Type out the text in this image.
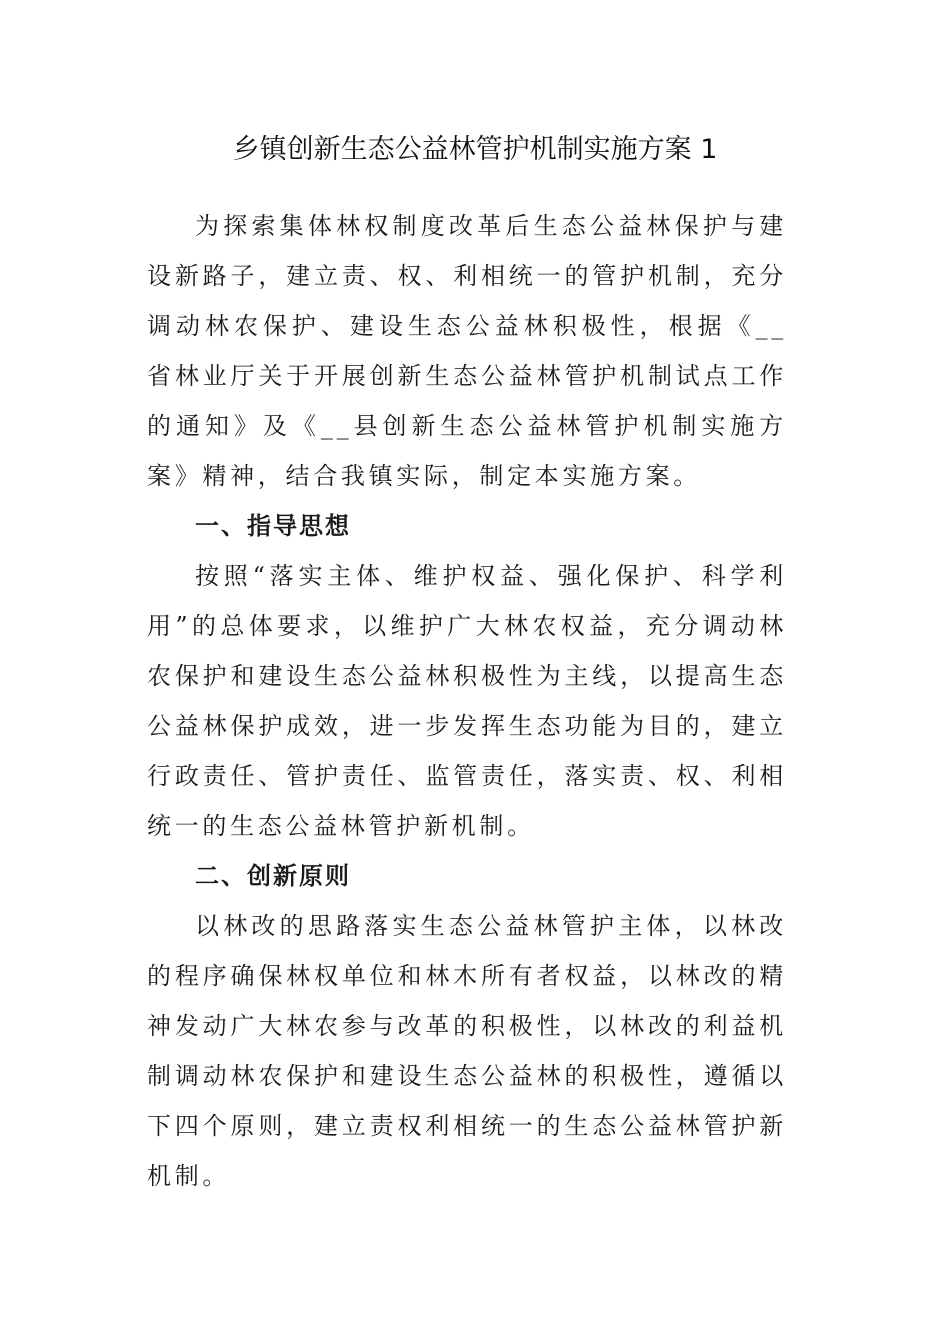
乡镇创新生态公益林管护机制实施方案 1

为探索集体林权制度改革后生态公益林保护与建设新路子，建立责、权、利相统一的管护机制，充分调动林农保护、建设生态公益林积极性，根据《__省林业厅关于开展创新生态公益林管护机制试点工作的通知》及《__县创新生态公益林管护机制实施方案》精神，结合我镇实际，制定本实施方案。

一、指导思想

按照“落实主体、维护权益、强化保护、科学利用”的总体要求，以维护广大林农权益，充分调动林农保护和建设生态公益林积极性为主线，以提高生态公益林保护成效，进一步发挥生态功能为目的，建立行政责任、管护责任、监管责任，落实责、权、利相统一的生态公益林管护新机制。

二、创新原则

以林改的思路落实生态公益林管护主体，以林改的程序确保林权单位和林木所有者权益，以林改的精神发动广大林农参与改革的积极性，以林改的利益机制调动林农保护和建设生态公益林的积极性，遵循以下四个原则，建立责权利相统一的生态公益林管护新机制。
